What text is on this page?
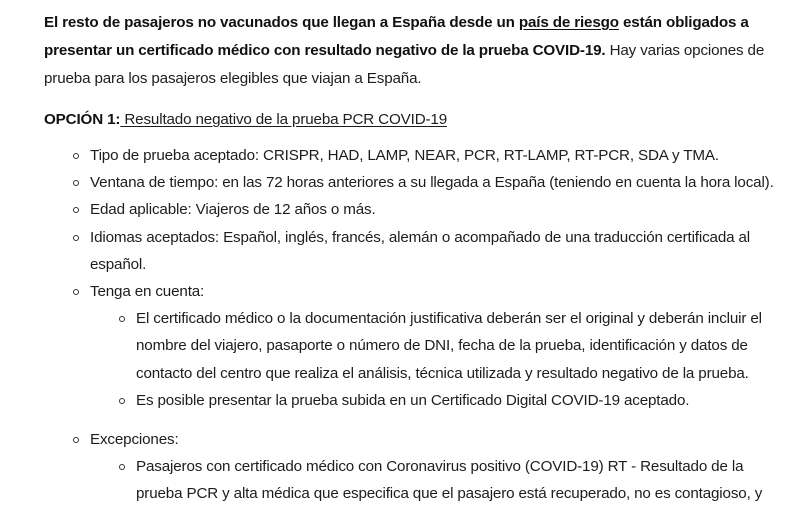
El resto de pasajeros no vacunados que llegan a España desde un país de riesgo están obligados a presentar un certificado médico con resultado negativo de la prueba COVID-19. Hay varias opciones de prueba para los pasajeros elegibles que viajan a España.

OPCIÓN 1: Resultado negativo de la prueba PCR COVID-19

Tipo de prueba aceptado: CRISPR, HAD, LAMP, NEAR, PCR, RT-LAMP, RT-PCR, SDA y TMA.
Ventana de tiempo: en las 72 horas anteriores a su llegada a España (teniendo en cuenta la hora local).
Edad aplicable: Viajeros de 12 años o más.
Idiomas aceptados: Español, inglés, francés, alemán o acompañado de una traducción certificada al español.
Tenga en cuenta:
El certificado médico o la documentación justificativa deberán ser el original y deberán incluir el nombre del viajero, pasaporte o número de DNI, fecha de la prueba, identificación y datos de contacto del centro que realiza el análisis, técnica utilizada y resultado negativo de la prueba.
Es posible presentar la prueba subida en un Certificado Digital COVID-19 aceptado.
Excepciones:
Pasajeros con certificado médico con Coronavirus positivo (COVID-19) RT - Resultado de la prueba PCR y alta médica que especifica que el pasajero está recuperado, no es contagioso, y
